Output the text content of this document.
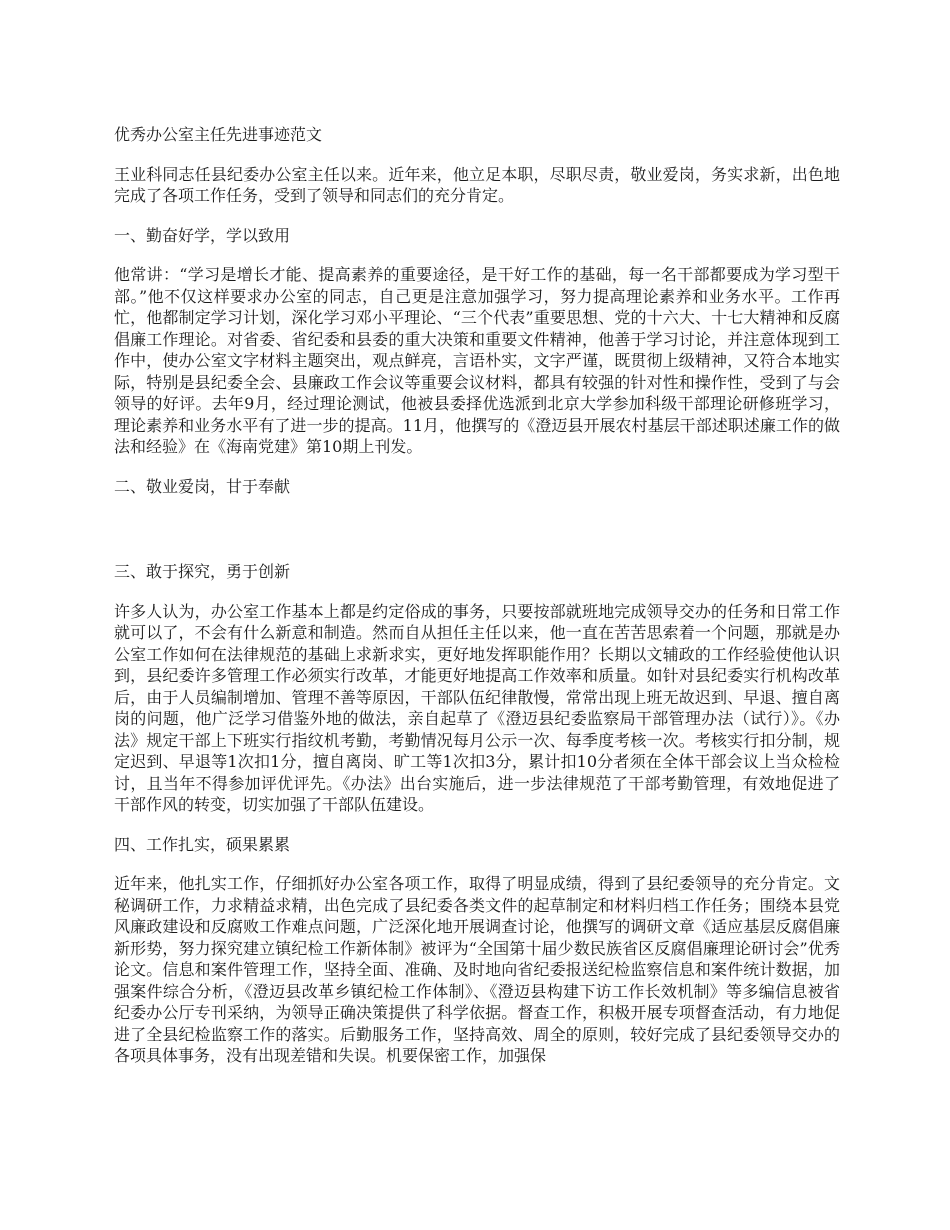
优秀办公室主任先进事迹范文

王业科同志任县纪委办公室主任以来。近年来，他立足本职，尽职尽责，敬业爱岗，务实求新，出色地完成了各项工作任务，受到了领导和同志们的充分肯定。

一、勤奋好学，学以致用

他常讲：“学习是增长才能、提高素养的重要途径，是干好工作的基础，每一名干部都要成为学习型干部。”他不仅这样要求办公室的同志，自己更是注意加强学习，努力提高理论素养和业务水平。工作再忙，他都制定学习计划，深化学习邓小平理论、“三个代表”重要思想、党的十六大、十七大精神和反腐倡廉工作理论。对省委、省纪委和县委的重大决策和重要文件精神，他善于学习讨论，并注意体现到工作中，使办公室文字材料主题突出，观点鲜亮，言语朴实，文字严谨，既贯彻上级精神，又符合本地实际，特别是县纪委全会、县廉政工作会议等重要会议材料，都具有较强的针对性和操作性，受到了与会领导的好评。去年9月，经过理论测试，他被县委择优选派到北京大学参加科级干部理论研修班学习，理论素养和业务水平有了进一步的提高。11月，他撰写的《澄迈县开展农村基层干部述职述廉工作的做法和经验》在《海南党建》第10期上刊发。

二、敬业爱岗，甘于奉献

三、敢于探究，勇于创新

许多人认为，办公室工作基本上都是约定俗成的事务，只要按部就班地完成领导交办的任务和日常工作就可以了，不会有什么新意和制造。然而自从担任主任以来，他一直在苦苦思索着一个问题，那就是办公室工作如何在法律规范的基础上求新求实，更好地发挥职能作用？长期以文辅政的工作经验使他认识到，县纪委许多管理工作必须实行改革，才能更好地提高工作效率和质量。如针对县纪委实行机构改革后，由于人员编制增加、管理不善等原因，干部队伍纪律散慢，常常出现上班无故迟到、早退、擅自离岗的问题，他广泛学习借鉴外地的做法，亲自起草了《澄迈县纪委监察局干部管理办法（试行）》。《办法》规定干部上下班实行指纹机考勤，考勤情况每月公示一次、每季度考核一次。考核实行扣分制，规定迟到、早退等1次扣1分，擅自离岗、旷工等1次扣3分，累计扣10分者须在全体干部会议上当众检检讨，且当年不得参加评优评先。《办法》出台实施后，进一步法律规范了干部考勤管理，有效地促进了干部作风的转变，切实加强了干部队伍建设。

四、工作扎实，硕果累累

近年来，他扎实工作，仔细抓好办公室各项工作，取得了明显成绩，得到了县纪委领导的充分肯定。文秘调研工作，力求精益求精，出色完成了县纪委各类文件的起草制定和材料归档工作任务；围绕本县党风廉政建设和反腐败工作难点问题，广泛深化地开展调查讨论，他撰写的调研文章《适应基层反腐倡廉新形势，努力探究建立镇纪检工作新体制》被评为“全国第十届少数民族省区反腐倡廉理论研讨会”优秀论文。信息和案件管理工作，坚持全面、准确、及时地向省纪委报送纪检监察信息和案件统计数据，加强案件综合分析，《澄迈县改革乡镇纪检工作体制》、《澄迈县构建下访工作长效机制》等多编信息被省纪委办公厅专刊采纳，为领导正确决策提供了科学依据。督查工作，积极开展专项督查活动，有力地促进了全县纪检监察工作的落实。后勤服务工作，坚持高效、周全的原则，较好完成了县纪委领导交办的各项具体事务，没有出现差错和失误。机要保密工作，加强保
